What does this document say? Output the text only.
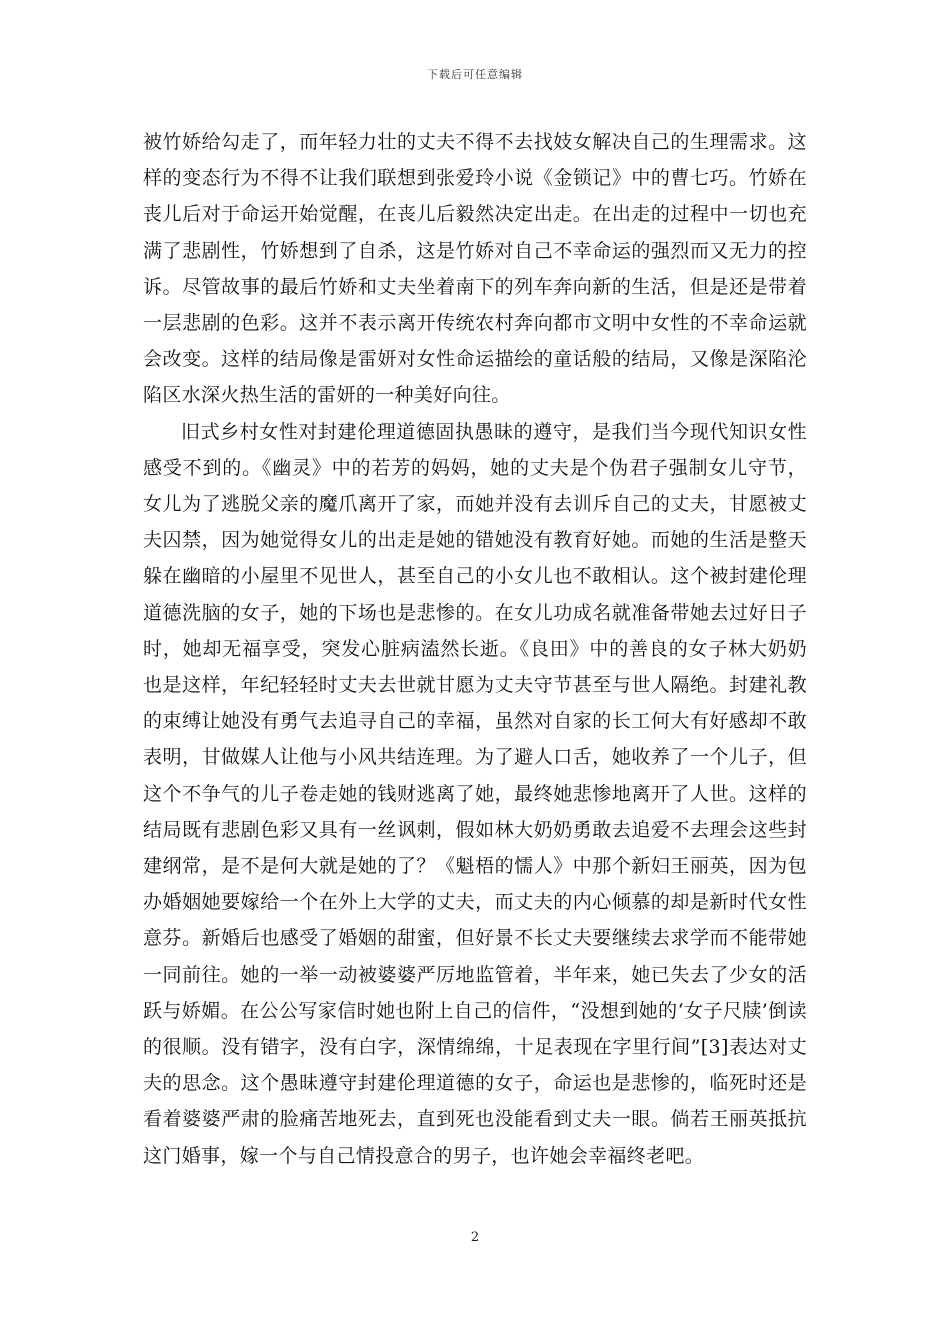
下载后可任意编辑

被竹娇给勾走了，而年轻力壮的丈夫不得不去找妓女解决自己的生理需求。这样的变态行为不得不让我们联想到张爱玲小说《金锁记》中的曹七巧。竹娇在丧儿后对于命运开始觉醒，在丧儿后毅然决定出走。在出走的过程中一切也充满了悲剧性，竹娇想到了自杀，这是竹娇对自己不幸命运的强烈而又无力的控诉。尽管故事的最后竹娇和丈夫坐着南下的列车奔向新的生活，但是还是带着一层悲剧的色彩。这并不表示离开传统农村奔向都市文明中女性的不幸命运就会改变。这样的结局像是雷妍对女性命运描绘的童话般的结局，又像是深陷沦陷区水深火热生活的雷妍的一种美好向往。

旧式乡村女性对封建伦理道德固执愚昧的遵守，是我们当今现代知识女性感受不到的。《幽灵》中的若芳的妈妈，她的丈夫是个伪君子强制女儿守节，女儿为了逃脱父亲的魔爪离开了家，而她并没有去训斥自己的丈夫，甘愿被丈夫囚禁，因为她觉得女儿的出走是她的错她没有教育好她。而她的生活是整天躲在幽暗的小屋里不见世人，甚至自己的小女儿也不敢相认。这个被封建伦理道德洗脑的女子，她的下场也是悲惨的。在女儿功成名就准备带她去过好日子时，她却无福享受，突发心脏病溘然长逝。《良田》中的善良的女子林大奶奶也是这样，年纪轻轻时丈夫去世就甘愿为丈夫守节甚至与世人隔绝。封建礼教的束缚让她没有勇气去追寻自己的幸福，虽然对自家的长工何大有好感却不敢表明，甘做媒人让他与小风共结连理。为了避人口舌，她收养了一个儿子，但这个不争气的儿子卷走她的钱财逃离了她，最终她悲惨地离开了人世。这样的结局既有悲剧色彩又具有一丝讽刺，假如林大奶奶勇敢去追爱不去理会这些封建纲常，是不是何大就是她的了？《魁梧的懦人》中那个新妇王丽英，因为包办婚姻她要嫁给一个在外上大学的丈夫，而丈夫的内心倾慕的却是新时代女性意芬。新婚后也感受了婚姻的甜蜜，但好景不长丈夫要继续去求学而不能带她一同前往。她的一举一动被婆婆严厉地监管着，半年来，她已失去了少女的活跃与娇媚。在公公写家信时她也附上自己的信件，“没想到她的‘女子尺牍’倒读的很顺。没有错字，没有白字，深情绵绵，十足表现在字里行间”[3]表达对丈夫的思念。这个愚昧遵守封建伦理道德的女子，命运也是悲惨的，临死时还是看着婆婆严肃的脸痛苦地死去，直到死也没能看到丈夫一眼。倘若王丽英抵抗这门婚事，嫁一个与自己情投意合的男子，也许她会幸福终老吧。

2
